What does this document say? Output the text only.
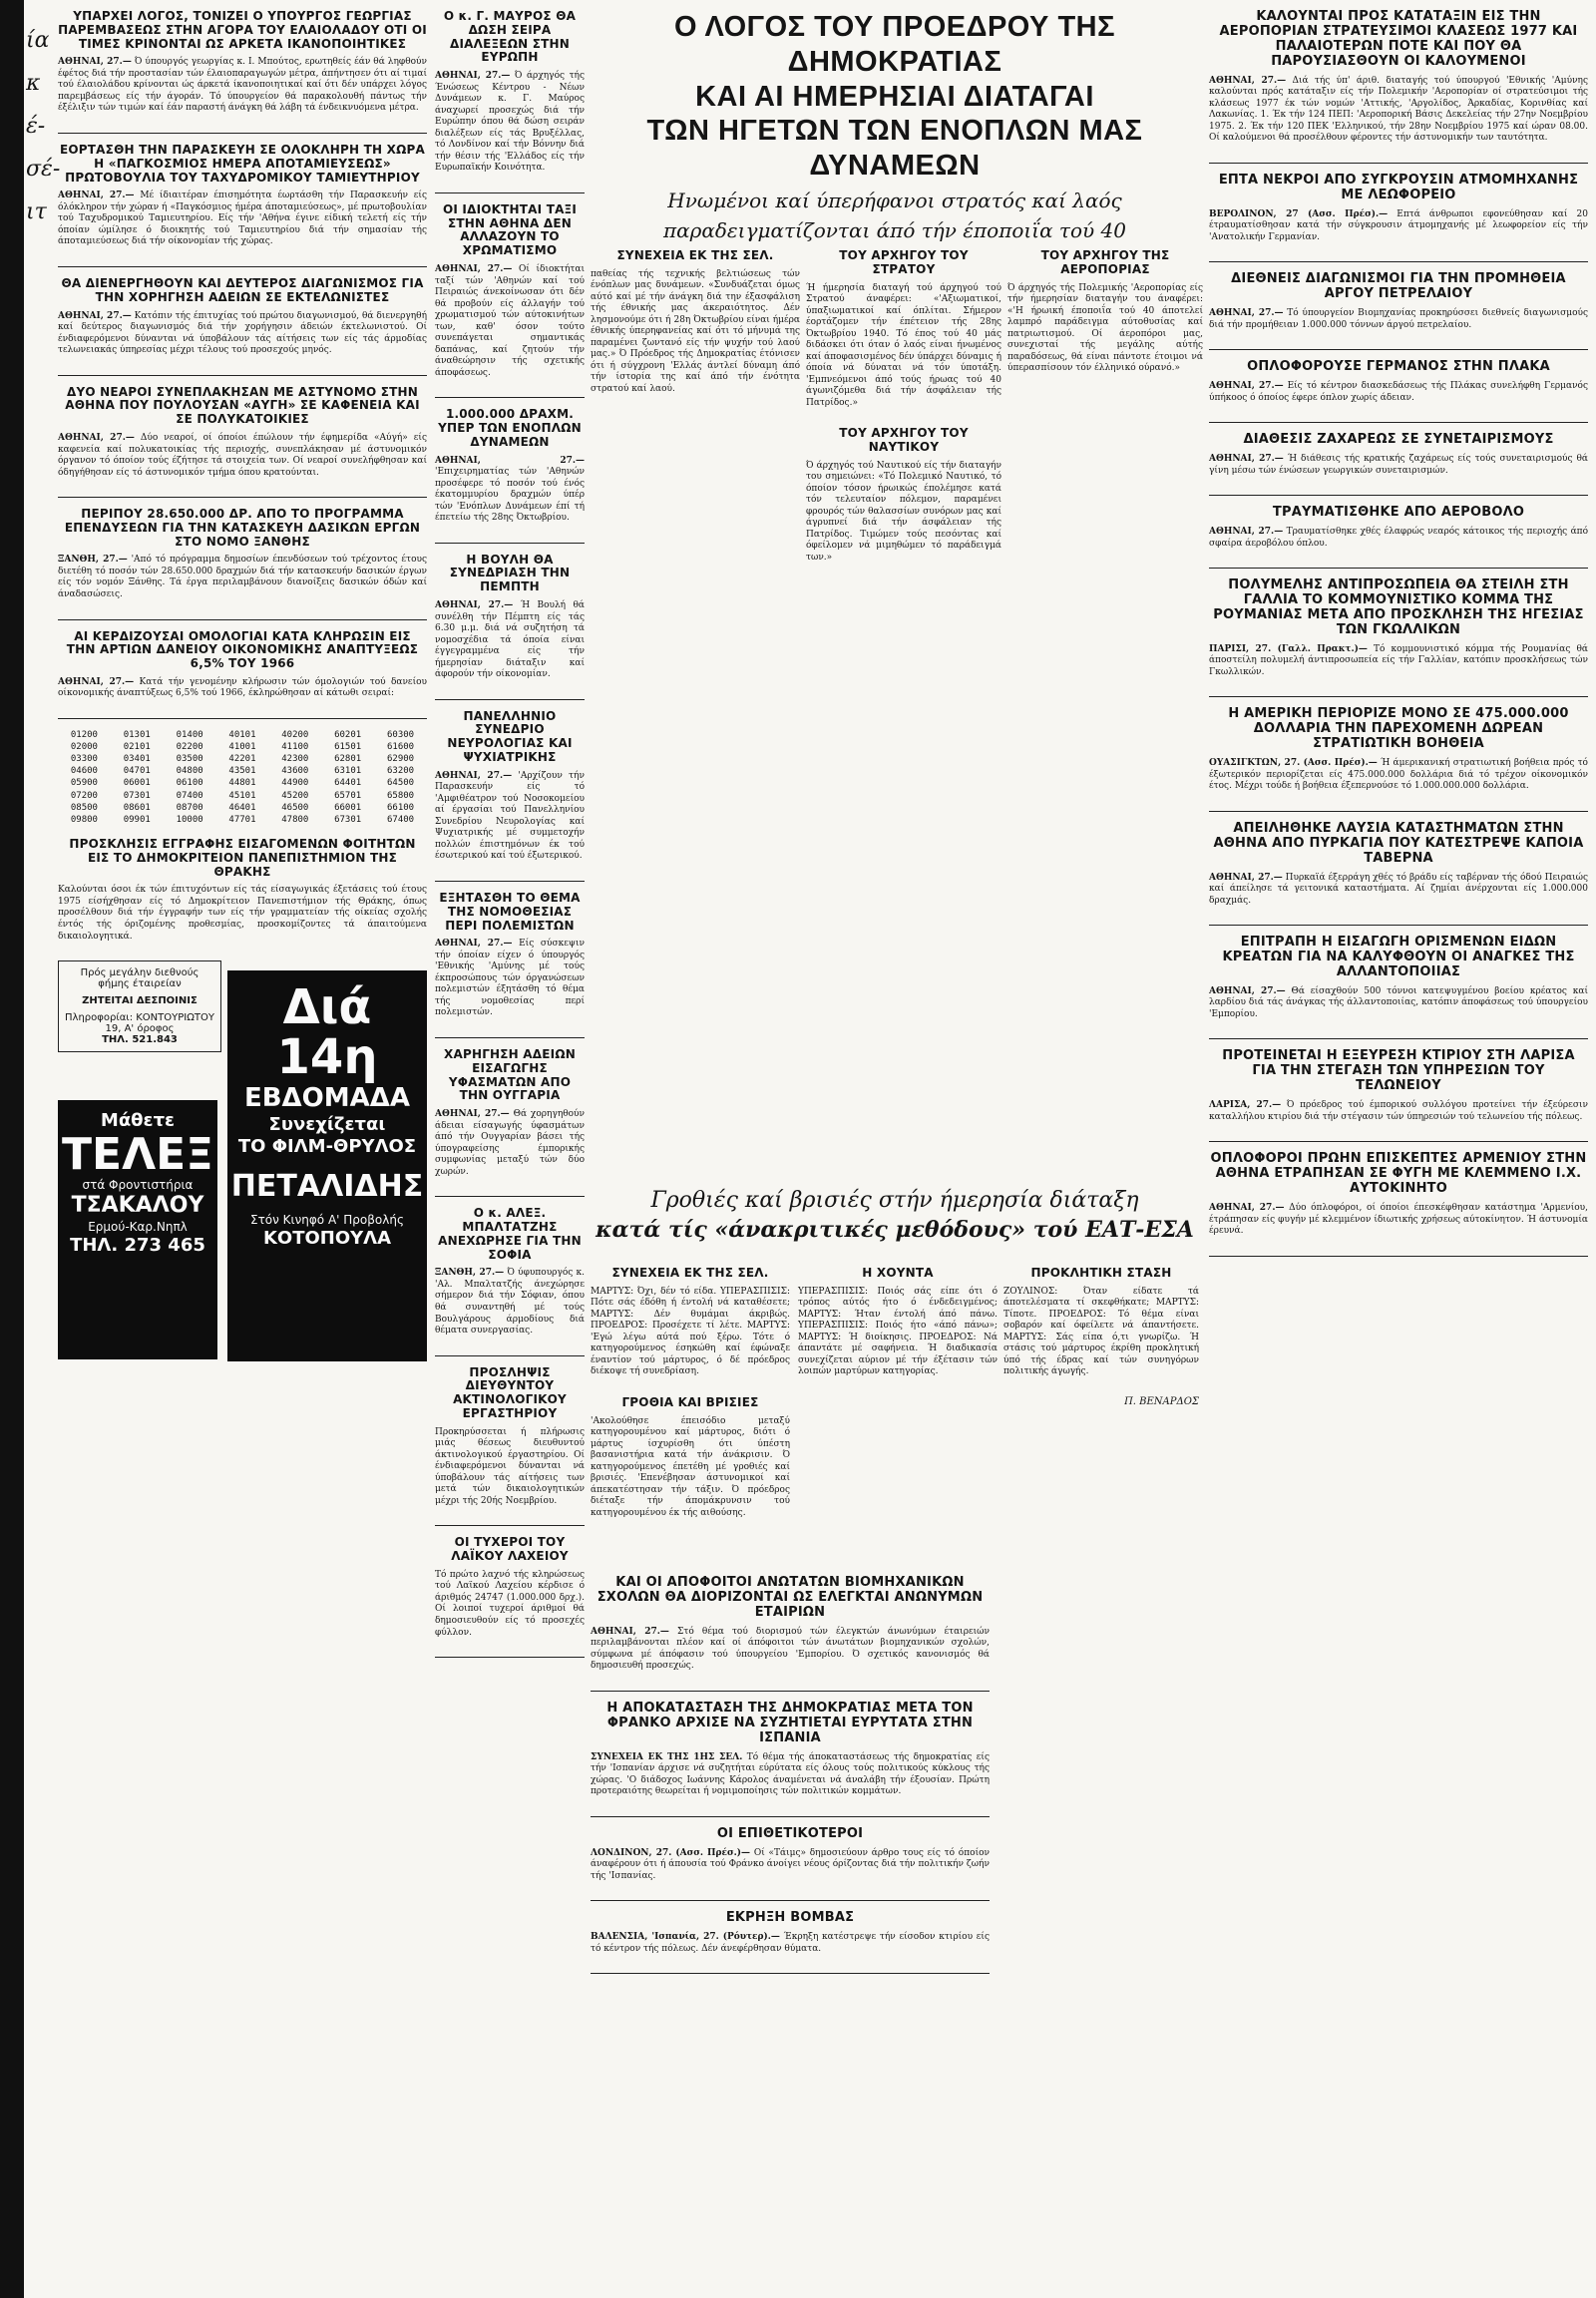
ία
κ
έ-
σέ-
ιτ
ΥΠΑΡΧΕΙ ΛΟΓΟΣ, ΤΟΝΙΖΕΙ Ο ΥΠΟΥΡΓΟΣ ΓΕΩΡΓΙΑΣ ΠΑΡΕΜΒΑΣΕΩΣ ΣΤΗΝ ΑΓΟΡΑ ΤΟΥ ΕΛΑΙΟΛΑΔΟΥ ΟΤΙ ΟΙ ΤΙΜΕΣ ΚΡΙΝΟΝΤΑΙ ΩΣ ΑΡΚΕΤΑ ΙΚΑΝΟΠΟΙΗΤΙΚΕΣ

ΑΘΗΝΑΙ, 27.— Ό ύπουργός γεωργίας κ. Ι. Μπούτος, ερωτηθείς έάν θά ληφθούν έφέτος διά τήν προστασίαν τών έλαιοπαραγωγών μέτρα, άπήντησεν ότι αί τιμαί τού έλαιολάδου κρίνονται ώς άρκετά ίκανοποιητικαί καί ότι δέν υπάρχει λόγος παρεμβάσεως είς τήν άγοράν. Τό ύπουργείον θά παρακολουθή πάντως τήν έξέλιξιν τών τιμών καί έάν παραστή άνάγκη θά λάβη τά ένδεικνυόμενα μέτρα.

ΕΟΡΤΑΣΘΗ ΤΗΝ ΠΑΡΑΣΚΕΥΗ ΣΕ ΟΛΟΚΛΗΡΗ ΤΗ ΧΩΡΑ Η «ΠΑΓΚΟΣΜΙΟΣ ΗΜΕΡΑ ΑΠΟΤΑΜΙΕΥΣΕΩΣ» ΠΡΩΤΟΒΟΥΛΙΑ ΤΟΥ ΤΑΧΥΔΡΟΜΙΚΟΥ ΤΑΜΙΕΥΤΗΡΙΟΥ

ΑΘΗΝΑΙ, 27.— Μέ ίδιαιτέραν έπισημότητα έωρτάσθη τήν Παρασκευήν είς όλόκληρον τήν χώραν ή «Παγκόσμιος ήμέρα άποταμιεύσεως», μέ πρωτοβουλίαν τού Ταχυδρομικού Ταμιευτηρίου. Είς τήν 'Αθήνα έγινε είδική τελετή είς τήν όποίαν ώμίλησε ό διοικητής τού Ταμιευτηρίου διά τήν σημασίαν τής άποταμιεύσεως διά τήν οίκονομίαν τής χώρας.

ΘΑ ΔΙΕΝΕΡΓΗΘΟΥΝ ΚΑΙ ΔΕΥΤΕΡΟΣ ΔΙΑΓΩΝΙΣΜΟΣ ΓΙΑ ΤΗΝ ΧΟΡΗΓΗΣΗ ΑΔΕΙΩΝ ΣΕ ΕΚΤΕΛΩΝΙΣΤΕΣ

ΑΘΗΝΑΙ, 27.— Κατόπιν τής έπιτυχίας τού πρώτου διαγωνισμού, θά διενεργηθή καί δεύτερος διαγωνισμός διά τήν χορήγησιν άδειών έκτελωνιστού. Οί ένδιαφερόμενοι δύνανται νά ύποβάλουν τάς αίτήσεις των είς τάς άρμοδίας τελωνειακάς ύπηρεσίας μέχρι τέλους τού προσεχούς μηνός.

ΔΥΟ ΝΕΑΡΟΙ ΣΥΝΕΠΛΑΚΗΣΑΝ ΜΕ ΑΣΤΥΝΟΜΟ ΣΤΗΝ ΑΘΗΝΑ ΠΟΥ ΠΟΥΛΟΥΣΑΝ «ΑΥΓΗ» ΣΕ ΚΑΦΕΝΕΙΑ ΚΑΙ ΣΕ ΠΟΛΥΚΑΤΟΙΚΙΕΣ

ΑΘΗΝΑΙ, 27.— Δύο νεαροί, οί όποίοι έπώλουν τήν έφημερίδα «Αύγή» είς καφενεία καί πολυκατοικίας τής περιοχής, συνεπλάκησαν μέ άστυνομικόν όργανον τό όποίον τούς έζήτησε τά στοιχεία των. Οί νεαροί συνελήφθησαν καί όδηγήθησαν είς τό άστυνομικόν τμήμα όπου κρατούνται.

ΠΕΡΙΠΟΥ 28.650.000 ΔΡ. ΑΠΟ ΤΟ ΠΡΟΓΡΑΜΜΑ ΕΠΕΝΔΥΣΕΩΝ ΓΙΑ ΤΗΝ ΚΑΤΑΣΚΕΥΗ ΔΑΣΙΚΩΝ ΕΡΓΩΝ ΣΤΟ ΝΟΜΟ ΞΑΝΘΗΣ

ΞΑΝΘΗ, 27.— 'Από τό πρόγραμμα δημοσίων έπενδύσεων τού τρέχοντος έτους διετέθη τό ποσόν τών 28.650.000 δραχμών διά τήν κατασκευήν δασικών έργων είς τόν νομόν Ξάνθης. Τά έργα περιλαμβάνουν διανοίξεις δασικών όδών καί άναδασώσεις.

ΑΙ ΚΕΡΔΙΖΟΥΣΑΙ ΟΜΟΛΟΓΙΑΙ ΚΑΤΑ ΚΛΗΡΩΣΙΝ ΕΙΣ ΤΗΝ ΑΡΤΙΩΝ ΔΑΝΕΙΟΥ ΟΙΚΟΝΟΜΙΚΗΣ ΑΝΑΠΤΥΞΕΩΣ 6,5% ΤΟΥ 1966

ΑΘΗΝΑΙ, 27.— Κατά τήν γενομένην κλήρωσιν τών όμολογιών τού δανείου οίκονομικής άναπτύξεως 6,5% τού 1966, έκληρώθησαν αί κάτωθι σειραί:

01200	01301	01400	40101	40200	60201	60300
02000	02101	02200	41001	41100	61501	61600
03300	03401	03500	42201	42300	62801	62900
04600	04701	04800	43501	43600	63101	63200
05900	06001	06100	44801	44900	64401	64500
07200	07301	07400	45101	45200	65701	65800
08500	08601	08700	46401	46500	66001	66100
09800	09901	10000	47701	47800	67301	67400
ΠΡΟΣΚΛΗΣΙΣ ΕΓΓΡΑΦΗΣ ΕΙΣΑΓΟΜΕΝΩΝ ΦΟΙΤΗΤΩΝ ΕΙΣ ΤΟ ΔΗΜΟΚΡΙΤΕΙΟΝ ΠΑΝΕΠΙΣΤΗΜΙΟΝ ΤΗΣ ΘΡΑΚΗΣ

Καλούνται όσοι έκ τών έπιτυχόντων είς τάς είσαγωγικάς έξετάσεις τού έτους 1975 είσήχθησαν είς τό Δημοκρίτειον Πανεπιστήμιον τής Θράκης, όπως προσέλθουν διά τήν έγγραφήν των είς τήν γραμματείαν τής οίκείας σχολής έντός τής όριζομένης προθεσμίας, προσκομίζοντες τά άπαιτούμενα δικαιολογητικά.

Πρός μεγάλην διεθνούς φήμης έταιρείαν
ΖΗΤΕΙΤΑΙ ΔΕΣΠΟΙΝΙΣ
Πληροφορίαι: ΚΟΝΤΟΥΡΙΩΤΟΥ 19, Α' όροφος
ΤΗΛ. 521.843
Μάθετε
ΤΕΛΕΞ
στά Φροντιστήρια
ΤΣΑΚΑΛΟΥ
Ερμού-Καρ.Νηπλ
ΤΗΛ. 273 465
Διά 14η
ΕΒΔΟΜΑΔΑ
Συνεχίζεται
ΤΟ ΦΙΛΜ-ΘΡΥΛΟΣ
ΠΕΤΑΛΙΔΗΣ
Στόν Κινηφό Α' Προβολής
ΚΟΤΟΠΟΥΛΑ
Ο κ. Γ. ΜΑΥΡΟΣ ΘΑ ΔΩΣΗ ΣΕΙΡΑ ΔΙΑΛΕΞΕΩΝ ΣΤΗΝ ΕΥΡΩΠΗ

ΑΘΗΝΑΙ, 27.— Ό άρχηγός τής Ένώσεως Κέντρου - Νέων Δυνάμεων κ. Γ. Μαύρος άναχωρεί προσεχώς διά τήν Ευρώπην όπου θά δώση σειράν διαλέξεων είς τάς Βρυξέλλας, τό Λονδίνον καί τήν Βόννην διά τήν θέσιν τής 'Ελλάδος είς τήν Ευρωπαϊκήν Κοινότητα.

ΟΙ ΙΔΙΟΚΤΗΤΑΙ ΤΑΞΙ ΣΤΗΝ ΑΘΗΝΑ ΔΕΝ ΑΛΛΑΖΟΥΝ ΤΟ ΧΡΩΜΑΤΙΣΜΟ

ΑΘΗΝΑΙ, 27.— Οί ίδιοκτήται ταξί τών 'Αθηνών καί τού Πειραιώς άνεκοίνωσαν ότι δέν θά προβούν είς άλλαγήν τού χρωματισμού τών αύτοκινήτων των, καθ' όσον τούτο συνεπάγεται σημαντικάς δαπάνας, καί ζητούν τήν άναθεώρησιν τής σχετικής άποφάσεως.

1.000.000 ΔΡΑΧΜ. ΥΠΕΡ ΤΩΝ ΕΝΟΠΛΩΝ ΔΥΝΑΜΕΩΝ

ΑΘΗΝΑΙ, 27.— 'Επιχειρηματίας τών 'Αθηνών προσέφερε τό ποσόν τού ένός έκατομμυρίου δραχμών ύπέρ τών 'Ενόπλων Δυνάμεων έπί τή έπετείω τής 28ης Όκτωβρίου.

Η ΒΟΥΛΗ ΘΑ ΣΥΝΕΔΡΙΑΣΗ ΤΗΝ ΠΕΜΠΤΗ

ΑΘΗΝΑΙ, 27.— Ή Βουλή θά συνέλθη τήν Πέμπτη είς τάς 6.30 μ.μ. διά νά συζητήση τά νομοσχέδια τά όποία είναι έγγεγραμμένα είς τήν ήμερησίαν διάταξιν καί άφορούν τήν οίκονομίαν.

ΠΑΝΕΛΛΗΝΙΟ ΣΥΝΕΔΡΙΟ ΝΕΥΡΟΛΟΓΙΑΣ ΚΑΙ ΨΥΧΙΑΤΡΙΚΗΣ

ΑΘΗΝΑΙ, 27.— 'Αρχίζουν τήν Παρασκευήν είς τό 'Αμφιθέατρον τού Νοσοκομείου αί έργασίαι τού Πανελληνίου Συνεδρίου Νευρολογίας καί Ψυχιατρικής μέ συμμετοχήν πολλών έπιστημόνων έκ τού έσωτερικού καί τού έξωτερικού.

ΕΞΗΤΑΣΘΗ ΤΟ ΘΕΜΑ ΤΗΣ ΝΟΜΟΘΕΣΙΑΣ ΠΕΡΙ ΠΟΛΕΜΙΣΤΩΝ

ΑΘΗΝΑΙ, 27.— Είς σύσκεψιν τήν όποίαν είχεν ό ύπουργός 'Εθνικής 'Αμύνης μέ τούς έκπροσώπους τών όργανώσεων πολεμιστών έξητάσθη τό θέμα τής νομοθεσίας περί πολεμιστών.

ΧΑΡΗΓΗΣΗ ΑΔΕΙΩΝ ΕΙΣΑΓΩΓΗΣ ΥΦΑΣΜΑΤΩΝ ΑΠΟ ΤΗΝ ΟΥΓΓΑΡΙΑ

ΑΘΗΝΑΙ, 27.— Θά χορηγηθούν άδειαι είσαγωγής ύφασμάτων άπό τήν Ουγγαρίαν βάσει τής ύπογραφείσης έμπορικής συμφωνίας μεταξύ τών δύο χωρών.

Ο κ. ΑΛΕΞ. ΜΠΑΛΤΑΤΖΗΣ ΑΝΕΧΩΡΗΣΕ ΓΙΑ ΤΗΝ ΣΟΦΙΑ

ΞΑΝΘΗ, 27.— Ό ύφυπουργός κ. 'Αλ. Μπαλτατζής άνεχώρησε σήμερον διά τήν Σόφιαν, όπου θά συναντηθή μέ τούς Βουλγάρους άρμοδίους διά θέματα συνεργασίας.

ΠΡΟΣΛΗΨΙΣ ΔΙΕΥΘΥΝΤΟΥ ΑΚΤΙΝΟΛΟΓΙΚΟΥ ΕΡΓΑΣΤΗΡΙΟΥ

Προκηρύσσεται ή πλήρωσις μιάς θέσεως διευθυντού άκτινολογικού έργαστηρίου. Οί ένδιαφερόμενοι δύνανται νά ύποβάλουν τάς αίτήσεις των μετά τών δικαιολογητικών μέχρι τής 20ής Νοεμβρίου.

ΟΙ ΤΥΧΕΡΟΙ ΤΟΥ ΛΑΪΚΟΥ ΛΑΧΕΙΟΥ

Τό πρώτο λαχνό τής κληρώσεως τού Λαϊκού Λαχείου κέρδισε ό άριθμός 24747 (1.000.000 δρχ.). Οί λοιποί τυχεροί άριθμοί θά δημοσιευθούν είς τό προσεχές φύλλον.

Ο ΛΟΓΟΣ ΤΟΥ ΠΡΟΕΔΡΟΥ ΤΗΣ ΔΗΜΟΚΡΑΤΙΑΣ

ΚΑΙ ΑΙ ΗΜΕΡΗΣΙΑΙ ΔΙΑΤΑΓΑΙ

ΤΩΝ ΗΓΕΤΩΝ ΤΩΝ ΕΝΟΠΛΩΝ ΜΑΣ ΔΥΝΑΜΕΩΝ

Ηνωμένοι καί ύπερήφανοι στρατός καί λαός

παραδειγματίζονται άπό τήν έποποιΐα τού 40

ΣΥΝΕΧΕΙΑ ΕΚ ΤΗΣ ΣΕΛ.

παθείας τής τεχνικής βελτιώσεως τών ένόπλων μας δυνάμεων. «Συνδυάζεται όμως αύτό καί μέ τήν άνάγκη διά την έξασφάλιση τής έθνικής μας άκεραιότητος. Δέν λησμονούμε ότι ή 28η Όκτωβρίου είναι ήμέρα έθνικής ύπερηφανείας καί ότι τό μήνυμά της παραμένει ζωντανό είς τήν ψυχήν τού λαού μας.» Ό Πρόεδρος τής Δημοκρατίας έτόνισεν ότι ή σύγχρονη 'Ελλάς άντλεί δύναμη άπό τήν ίστορία της καί άπό τήν ένότητα στρατού καί λαού.

ΤΟΥ ΑΡΧΗΓΟΥ ΤΟΥ ΣΤΡΑΤΟΥ

Ή ήμερησία διαταγή τού άρχηγού τού Στρατού άναφέρει: «'Αξιωματικοί, ύπαξιωματικοί καί όπλίται. Σήμερον έορτάζομεν τήν έπέτειον τής 28ης Όκτωβρίου 1940. Τό έπος τού 40 μάς διδάσκει ότι όταν ό λαός είναι ήνωμένος καί άποφασισμένος δέν ύπάρχει δύναμις ή όποία νά δύναται νά τόν ύποτάξη. 'Εμπνεόμενοι άπό τούς ήρωας τού 40 άγωνιζόμεθα διά τήν άσφάλειαν τής Πατρίδος.»

ΤΟΥ ΑΡΧΗΓΟΥ ΤΟΥ ΝΑΥΤΙΚΟΥ

Ό άρχηγός τού Ναυτικού είς τήν διαταγήν του σημειώνει: «Τό Πολεμικό Ναυτικό, τό όποίον τόσον ήρωικώς έπολέμησε κατά τόν τελευταίον πόλεμον, παραμένει φρουρός τών θαλασσίων συνόρων μας καί άγρυπνεί διά τήν άσφάλειαν τής Πατρίδος. Τιμώμεν τούς πεσόντας καί όφείλομεν νά μιμηθώμεν τό παράδειγμά των.»

ΤΟΥ ΑΡΧΗΓΟΥ ΤΗΣ ΑΕΡΟΠΟΡΙΑΣ

Ό άρχηγός τής Πολεμικής 'Αεροπορίας είς τήν ήμερησίαν διαταγήν του άναφέρει: «'Η ήρωική έποποιΐα τού 40 άποτελεί λαμπρό παράδειγμα αύτοθυσίας καί πατριωτισμού. Οί άεροπόροι μας, συνεχισταί τής μεγάλης αύτής παραδόσεως, θά είναι πάντοτε έτοιμοι νά ύπερασπίσουν τόν έλληνικό ούρανό.»

Γροθιές καί βρισιές στήν ήμερησία διάταξη

κατά τίς «άνακριτικές μεθόδους» τού ΕΑΤ-ΕΣΑ

ΣΥΝΕΧΕΙΑ ΕΚ ΤΗΣ ΣΕΛ.

ΜΑΡΤΥΣ: Όχι, δέν τό είδα. ΥΠΕΡΑΣΠΙΣΙΣ: Πότε σάς έδόθη ή έντολή νά καταθέσετε; ΜΑΡΤΥΣ: Δέν θυμάμαι άκριβώς. ΠΡΟΕΔΡΟΣ: Προσέχετε τί λέτε. ΜΑΡΤΥΣ: 'Εγώ λέγω αύτά πού ξέρω. Τότε ό κατηγορούμενος έσηκώθη καί έφώναξε έναντίον τού μάρτυρος, ό δέ πρόεδρος διέκοψε τή συνεδρίαση.

ΓΡΟΘΙΑ ΚΑΙ ΒΡΙΣΙΕΣ

'Ακολούθησε έπεισόδιο μεταξύ κατηγορουμένου καί μάρτυρος, διότι ό μάρτυς ίσχυρίσθη ότι ύπέστη βασανιστήρια κατά τήν άνάκρισιν. Ό κατηγορούμενος έπετέθη μέ γροθιές καί βρισιές. 'Επενέβησαν άστυνομικοί καί άπεκατέστησαν τήν τάξιν. Ό πρόεδρος διέταξε τήν άπομάκρυνσιν τού κατηγορουμένου έκ τής αιθούσης.

Η ΧΟΥΝΤΑ

ΥΠΕΡΑΣΠΙΣΙΣ: Ποιός σάς είπε ότι ό τρόπος αύτός ήτο ό ένδεδειγμένος; ΜΑΡΤΥΣ: Ήταν έντολή άπό πάνω. ΥΠΕΡΑΣΠΙΣΙΣ: Ποιός ήτο «άπό πάνω»; ΜΑΡΤΥΣ: Ή διοίκησις. ΠΡΟΕΔΡΟΣ: Νά άπαντάτε μέ σαφήνεια. Ή διαδικασία συνεχίζεται αύριον μέ τήν έξέτασιν τών λοιπών μαρτύρων κατηγορίας.

ΠΡΟΚΛΗΤΙΚΗ ΣΤΑΣΗ

ΖΟΥΛΙΝΟΣ: Όταν είδατε τά άποτελέσματα τί σκεφθήκατε; ΜΑΡΤΥΣ: Τίποτε. ΠΡΟΕΔΡΟΣ: Τό θέμα είναι σοβαρόν καί όφείλετε νά άπαντήσετε. ΜΑΡΤΥΣ: Σάς είπα ό,τι γνωρίζω. Ή στάσις τού μάρτυρος έκρίθη προκλητική ύπό τής έδρας καί τών συνηγόρων πολιτικής άγωγής.

Π. ΒΕΝΑΡΔΟΣ
ΚΑΙ ΟΙ ΑΠΟΦΟΙΤΟΙ ΑΝΩΤΑΤΩΝ ΒΙΟΜΗΧΑΝΙΚΩΝ ΣΧΟΛΩΝ ΘΑ ΔΙΟΡΙΖΟΝΤΑΙ ΩΣ ΕΛΕΓΚΤΑΙ ΑΝΩΝΥΜΩΝ ΕΤΑΙΡΙΩΝ

ΑΘΗΝΑΙ, 27.— Στό θέμα τού διορισμού τών έλεγκτών άνωνύμων έταιρειών περιλαμβάνονται πλέον καί οί άπόφοιτοι τών άνωτάτων βιομηχανικών σχολών, σύμφωνα μέ άπόφασιν τού ύπουργείου 'Εμπορίου. Ό σχετικός κανονισμός θά δημοσιευθή προσεχώς.

Η ΑΠΟΚΑΤΑΣΤΑΣΗ ΤΗΣ ΔΗΜΟΚΡΑΤΙΑΣ ΜΕΤΑ ΤΟΝ ΦΡΑΝΚΟ ΑΡΧΙΣΕ ΝΑ ΣΥΖΗΤΙΕΤΑΙ ΕΥΡΥΤΑΤΑ ΣΤΗΝ ΙΣΠΑΝΙΑ

ΣΥΝΕΧΕΙΑ ΕΚ ΤΗΣ 1ΗΣ ΣΕΛ. Τό θέμα τής άποκαταστάσεως τής δημοκρατίας είς τήν 'Ισπανίαν άρχισε νά συζητήται εύρύτατα είς όλους τούς πολιτικούς κύκλους τής χώρας. 'Ο διάδοχος Ιωάννης Κάρολος άναμένεται νά άναλάβη τήν έξουσίαν. Πρώτη προτεραιότης θεωρείται ή νομιμοποίησις τών πολιτικών κομμάτων.

ΟΙ ΕΠΙΘΕΤΙΚΟΤΕΡΟΙ

ΛΟΝΔΙΝΟΝ, 27. (Ασσ. Πρέσ.)— Οί «Τάιμς» δημοσιεύουν άρθρο τους είς τό όποίον άναφέρουν ότι ή άπουσία τού Φράνκο άνοίγει νέους όρίζοντας διά τήν πολιτικήν ζωήν τής 'Ισπανίας.

ΕΚΡΗΞΗ ΒΟΜΒΑΣ

ΒΑΛΕΝΣΙΑ, 'Ισπανία, 27. (Ρόυτερ).— Έκρηξη κατέστρεψε τήν είσοδον κτιρίου είς τό κέντρον τής πόλεως. Δέν άνεφέρθησαν θύματα.

ΚΑΛΟΥΝΤΑΙ ΠΡΟΣ ΚΑΤΑΤΑΞΙΝ ΕΙΣ ΤΗΝ ΑΕΡΟΠΟΡΙΑΝ ΣΤΡΑΤΕΥΣΙΜΟΙ ΚΛΑΣΕΩΣ 1977 ΚΑΙ ΠΑΛΑΙΟΤΕΡΩΝ ΠΟΤΕ ΚΑΙ ΠΟΥ ΘΑ ΠΑΡΟΥΣΙΑΣΘΟΥΝ ΟΙ ΚΑΛΟΥΜΕΝΟΙ

ΑΘΗΝΑΙ, 27.— Διά τής ύπ' άριθ. διαταγής τού ύπουργού 'Εθνικής 'Αμύνης καλούνται πρός κατάταξιν είς τήν Πολεμικήν 'Αεροπορίαν οί στρατεύσιμοι τής κλάσεως 1977 έκ τών νομών 'Αττικής, 'Αργολίδος, Άρκαδίας, Κορινθίας καί Λακωνίας. 1. Έκ τήν 124 ΠΕΠ: 'Αεροπορική Βάσις Δεκελείας τήν 27ην Νοεμβρίου 1975. 2. Έκ τήν 120 ΠΕΚ 'Ελληνικού, τήν 28ην Νοεμβρίου 1975 καί ώραν 08.00. Οί καλούμενοι θά προσέλθουν φέροντες τήν άστυνομικήν των ταυτότητα.

ΕΠΤΑ ΝΕΚΡΟΙ ΑΠΟ ΣΥΓΚΡΟΥΣΙΝ ΑΤΜΟΜΗΧΑΝΗΣ ΜΕ ΛΕΩΦΟΡΕΙΟ

ΒΕΡΟΛΙΝΟΝ, 27 (Ασσ. Πρέσ).— Επτά άνθρωποι εφονεύθησαν καί 20 έτραυματίσθησαν κατά τήν σύγκρουσιν άτμομηχανής μέ λεωφορείον είς τήν 'Ανατολικήν Γερμανίαν.

ΔΙΕΘΝΕΙΣ ΔΙΑΓΩΝΙΣΜΟΙ ΓΙΑ ΤΗΝ ΠΡΟΜΗΘΕΙΑ ΑΡΓΟΥ ΠΕΤΡΕΛΑΙΟΥ

ΑΘΗΝΑΙ, 27.— Τό ύπουργείον Βιομηχανίας προκηρύσσει διεθνείς διαγωνισμούς διά τήν προμήθειαν 1.000.000 τόννων άργού πετρελαίου.

ΟΠΛΟΦΟΡΟΥΣΕ ΓΕΡΜΑΝΟΣ ΣΤΗΝ ΠΛΑΚΑ

ΑΘΗΝΑΙ, 27.— Είς τό κέντρον διασκεδάσεως τής Πλάκας συνελήφθη Γερμανός ύπήκοος ό όποίος έφερε όπλον χωρίς άδειαν.

ΔΙΑΘΕΣΙΣ ΖΑΧΑΡΕΩΣ ΣΕ ΣΥΝΕΤΑΙΡΙΣΜΟΥΣ

ΑΘΗΝΑΙ, 27.— Ή διάθεσις τής κρατικής ζαχάρεως είς τούς συνεταιρισμούς θά γίνη μέσω τών ένώσεων γεωργικών συνεταιρισμών.

ΤΡΑΥΜΑΤΙΣΘΗΚΕ ΑΠΟ ΑΕΡΟΒΟΛΟ

ΑΘΗΝΑΙ, 27.— Τραυματίσθηκε χθές έλαφρώς νεαρός κάτοικος τής περιοχής άπό σφαίρα άεροβόλου όπλου.

ΠΟΛΥΜΕΛΗΣ ΑΝΤΙΠΡΟΣΩΠΕΙΑ ΘΑ ΣΤΕΙΛΗ ΣΤΗ ΓΑΛΛΙΑ ΤΟ ΚΟΜΜΟΥΝΙΣΤΙΚΟ ΚΟΜΜΑ ΤΗΣ ΡΟΥΜΑΝΙΑΣ ΜΕΤΑ ΑΠΟ ΠΡΟΣΚΛΗΣΗ ΤΗΣ ΗΓΕΣΙΑΣ ΤΩΝ ΓΚΩΛΛΙΚΩΝ

ΠΑΡΙΣΙ, 27. (Γαλλ. Πρακτ.)— Τό κομμουνιστικό κόμμα τής Ρουμανίας θά άποστείλη πολυμελή άντιπροσωπεία είς τήν Γαλλίαν, κατόπιν προσκλήσεως τών Γκωλλικών.

Η ΑΜΕΡΙΚΗ ΠΕΡΙΟΡΙΖΕ ΜΟΝΟ ΣΕ 475.000.000 ΔΟΛΛΑΡΙΑ ΤΗΝ ΠΑΡΕΧΟΜΕΝΗ ΔΩΡΕΑΝ ΣΤΡΑΤΙΩΤΙΚΗ ΒΟΗΘΕΙΑ

ΟΥΑΣΙΓΚΤΩΝ, 27. (Ασσ. Πρέσ).— Ή άμερικανική στρατιωτική βοήθεια πρός τό έξωτερικόν περιορίζεται είς 475.000.000 δολλάρια διά τό τρέχον οίκονομικόν έτος. Μέχρι τούδε ή βοήθεια έξεπερνούσε τό 1.000.000.000 δολλάρια.

ΑΠΕΙΛΗΘΗΚΕ ΛΑΥΣΙΑ ΚΑΤΑΣΤΗΜΑΤΩΝ ΣΤΗΝ ΑΘΗΝΑ ΑΠΟ ΠΥΡΚΑΓΙΑ ΠΟΥ ΚΑΤΕΣΤΡΕΨΕ ΚΑΠΟΙΑ ΤΑΒΕΡΝΑ

ΑΘΗΝΑΙ, 27.— Πυρκαϊά έξερράγη χθές τό βράδυ είς ταβέρναν τής όδού Πειραιώς καί άπείλησε τά γειτονικά καταστήματα. Αί ζημίαι άνέρχονται είς 1.000.000 δραχμάς.

ΕΠΙΤΡΑΠΗ Η ΕΙΣΑΓΩΓΗ ΟΡΙΣΜΕΝΩΝ ΕΙΔΩΝ ΚΡΕΑΤΩΝ ΓΙΑ ΝΑ ΚΑΛΥΦΘΟΥΝ ΟΙ ΑΝΑΓΚΕΣ ΤΗΣ ΑΛΛΑΝΤΟΠΟΙΙΑΣ

ΑΘΗΝΑΙ, 27.— Θά είσαχθούν 500 τόννοι κατεψυγμένου βοείου κρέατος καί λαρδίου διά τάς άνάγκας τής άλλαντοποιίας, κατόπιν άποφάσεως τού ύπουργείου 'Εμπορίου.

ΠΡΟΤΕΙΝΕΤΑΙ Η ΕΞΕΥΡΕΣΗ ΚΤΙΡΙΟΥ ΣΤΗ ΛΑΡΙΣΑ ΓΙΑ ΤΗΝ ΣΤΕΓΑΣΗ ΤΩΝ ΥΠΗΡΕΣΙΩΝ ΤΟΥ ΤΕΛΩΝΕΙΟΥ

ΛΑΡΙΣΑ, 27.— Ό πρόεδρος τού έμπορικού συλλόγου προτείνει τήν έξεύρεσιν καταλλήλου κτιρίου διά τήν στέγασιν τών ύπηρεσιών τού τελωνείου τής πόλεως.

ΟΠΛΟΦΟΡΟΙ ΠΡΩΗΝ ΕΠΙΣΚΕΠΤΕΣ ΑΡΜΕΝΙΟΥ ΣΤΗΝ ΑΘΗΝΑ ΕΤΡΑΠΗΣΑΝ ΣΕ ΦΥΓΗ ΜΕ ΚΛΕΜΜΕΝΟ Ι.Χ. ΑΥΤΟΚΙΝΗΤΟ

ΑΘΗΝΑΙ, 27.— Δύο όπλοφόροι, οί όποίοι έπεσκέφθησαν κατάστημα 'Αρμενίου, έτράπησαν είς φυγήν μέ κλεμμένον ίδιωτικής χρήσεως αύτοκίνητον. Ή άστυνομία έρευνά.
